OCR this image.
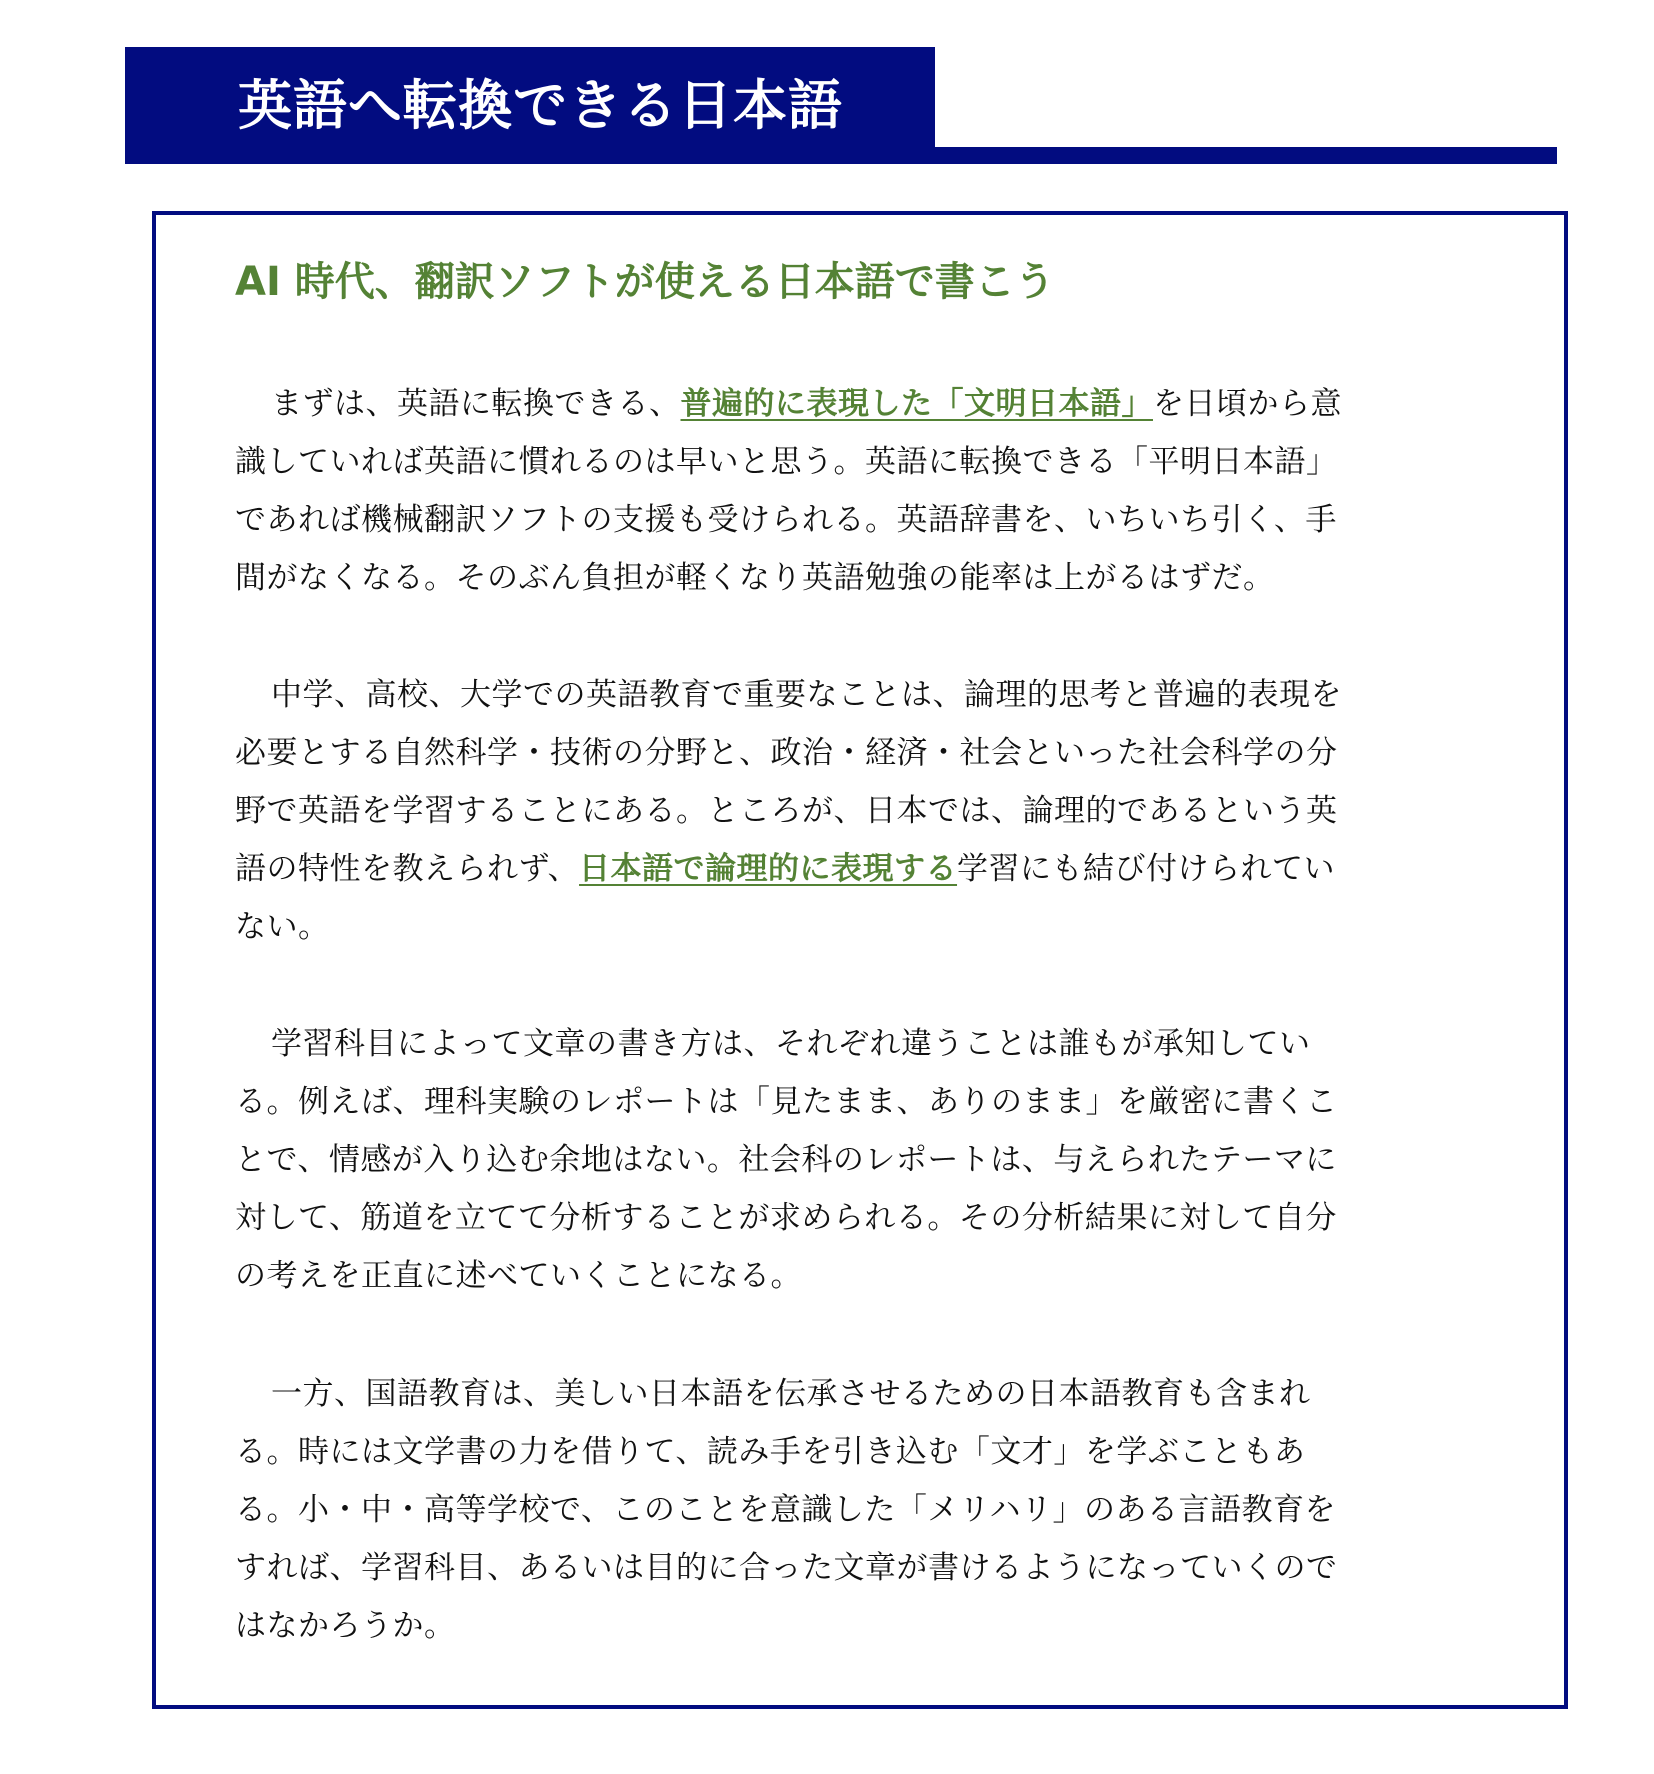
英語へ転換できる日本語
AI 時代、翻訳ソフトが使える日本語で書こう

まずは、英語に転換できる、普遍的に表現した「文明日本語」を日頃から意識していれば英語に慣れるのは早いと思う。英語に転換できる「平明日本語」であれば機械翻訳ソフトの支援も受けられる。英語辞書を、いちいち引く、手間がなくなる。そのぶん負担が軽くなり英語勉強の能率は上がるはずだ。

中学、高校、大学での英語教育で重要なことは、論理的思考と普遍的表現を必要とする自然科学・技術の分野と、政治・経済・社会といった社会科学の分野で英語を学習することにある。ところが、日本では、論理的であるという英語の特性を教えられず、日本語で論理的に表現する学習にも結び付けられていない。

学習科目によって文章の書き方は、それぞれ違うことは誰もが承知している。例えば、理科実験のレポートは「見たまま、ありのまま」を厳密に書くことで、情感が入り込む余地はない。社会科のレポートは、与えられたテーマに対して、筋道を立てて分析することが求められる。その分析結果に対して自分の考えを正直に述べていくことになる。

一方、国語教育は、美しい日本語を伝承させるための日本語教育も含まれる。時には文学書の力を借りて、読み手を引き込む「文才」を学ぶこともある。小・中・高等学校で、このことを意識した「メリハリ」のある言語教育をすれば、学習科目、あるいは目的に合った文章が書けるようになっていくのではなかろうか。
